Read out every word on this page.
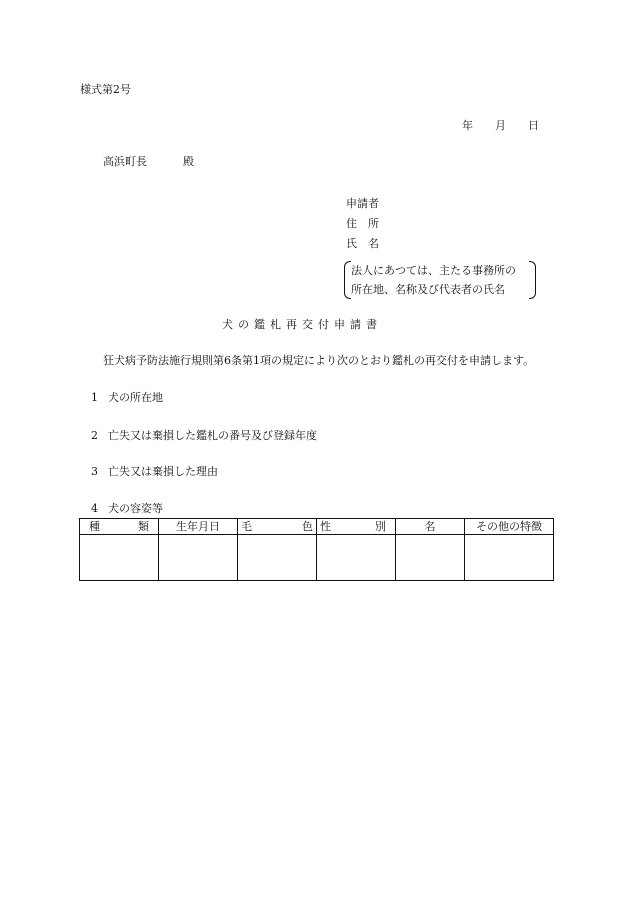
様式第2号
年 月 日
高浜町長	殿
申請者
住　所
氏　名
法人にあつては、主たる事務所の
所在地、名称及び代表者の氏名
犬の鑑札再交付申請書
狂犬病予防法施行規則第6条第1項の規定により次のとおり鑑札の再交付を申請します。
1 犬の所在地
2 亡失又は棄損した鑑札の番号及び登録年度
3 亡失又は棄損した理由
4 犬の容姿等
種 類	生年月日	毛 色	性 別	名	その他の特徴
